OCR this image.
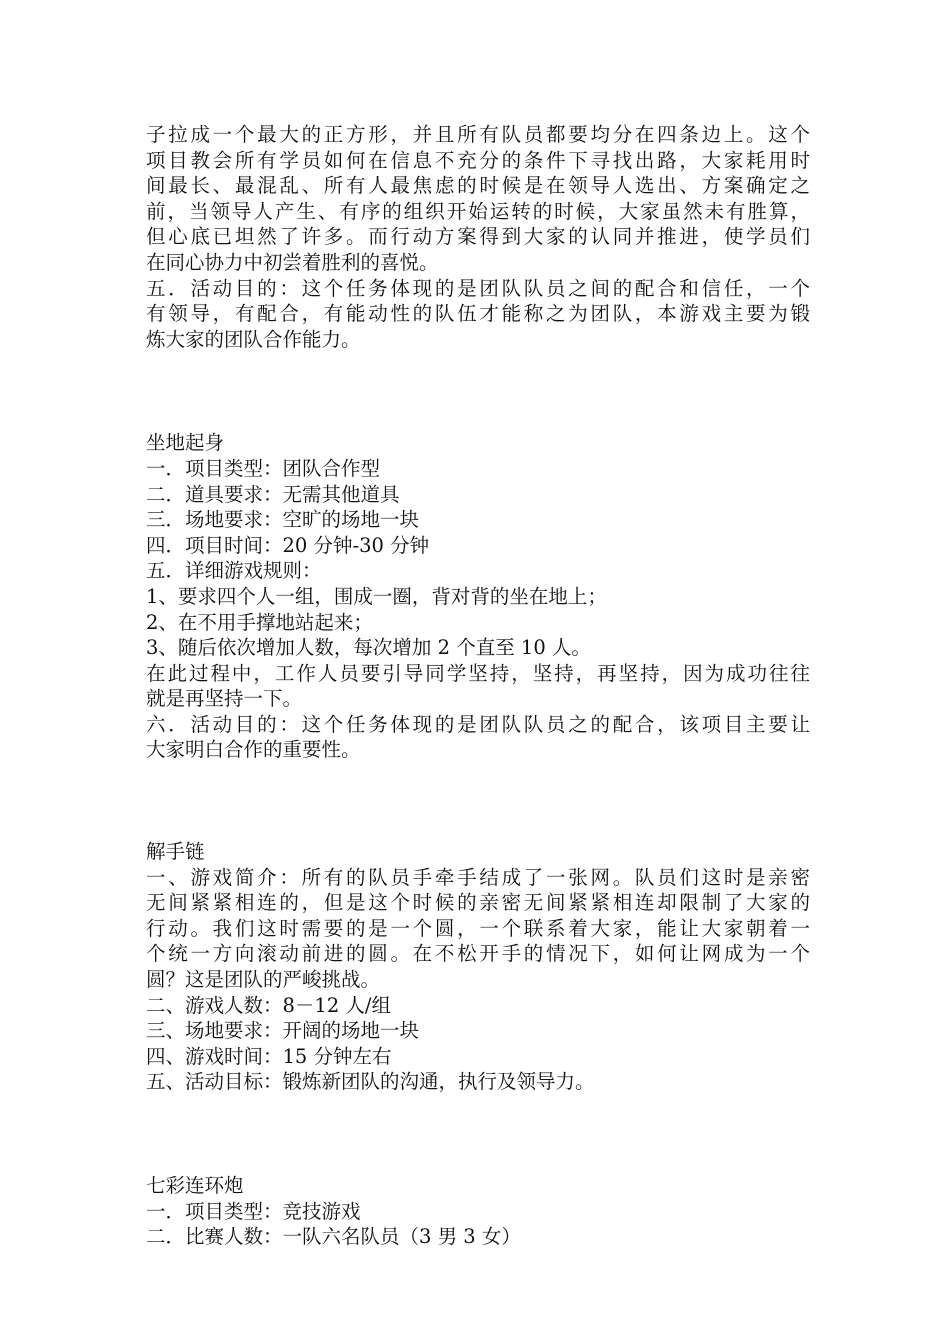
子拉成一个最大的正方形，并且所有队员都要均分在四条边上。这个
项目教会所有学员如何在信息不充分的条件下寻找出路，大家耗用时
间最长、最混乱、所有人最焦虑的时候是在领导人选出、方案确定之
前，当领导人产生、有序的组织开始运转的时候，大家虽然未有胜算，
但心底已坦然了许多。而行动方案得到大家的认同并推进，使学员们
在同心协力中初尝着胜利的喜悦。
五．活动目的：这个任务体现的是团队队员之间的配合和信任，一个
有领导，有配合，有能动性的队伍才能称之为团队，本游戏主要为锻
炼大家的团队合作能力。
坐地起身
一．项目类型：团队合作型
二．道具要求：无需其他道具
三．场地要求：空旷的场地一块
四．项目时间：20 分钟-30 分钟
五．详细游戏规则：
1、要求四个人一组，围成一圈，背对背的坐在地上；
2、在不用手撑地站起来；
3、随后依次增加人数，每次增加 2 个直至 10 人。
在此过程中，工作人员要引导同学坚持，坚持，再坚持，因为成功往往
就是再坚持一下。
六．活动目的：这个任务体现的是团队队员之的配合，该项目主要让
大家明白合作的重要性。
解手链
一、游戏简介：所有的队员手牵手结成了一张网。队员们这时是亲密
无间紧紧相连的，但是这个时候的亲密无间紧紧相连却限制了大家的
行动。我们这时需要的是一个圆，一个联系着大家，能让大家朝着一
个统一方向滚动前进的圆。在不松开手的情况下，如何让网成为一个
圆？这是团队的严峻挑战。
二、游戏人数：8－12 人/组
三、场地要求：开阔的场地一块
四、游戏时间：15 分钟左右
五、活动目标：锻炼新团队的沟通，执行及领导力。
七彩连环炮
一．项目类型：竞技游戏
二．比赛人数：一队六名队员（3 男 3 女）
